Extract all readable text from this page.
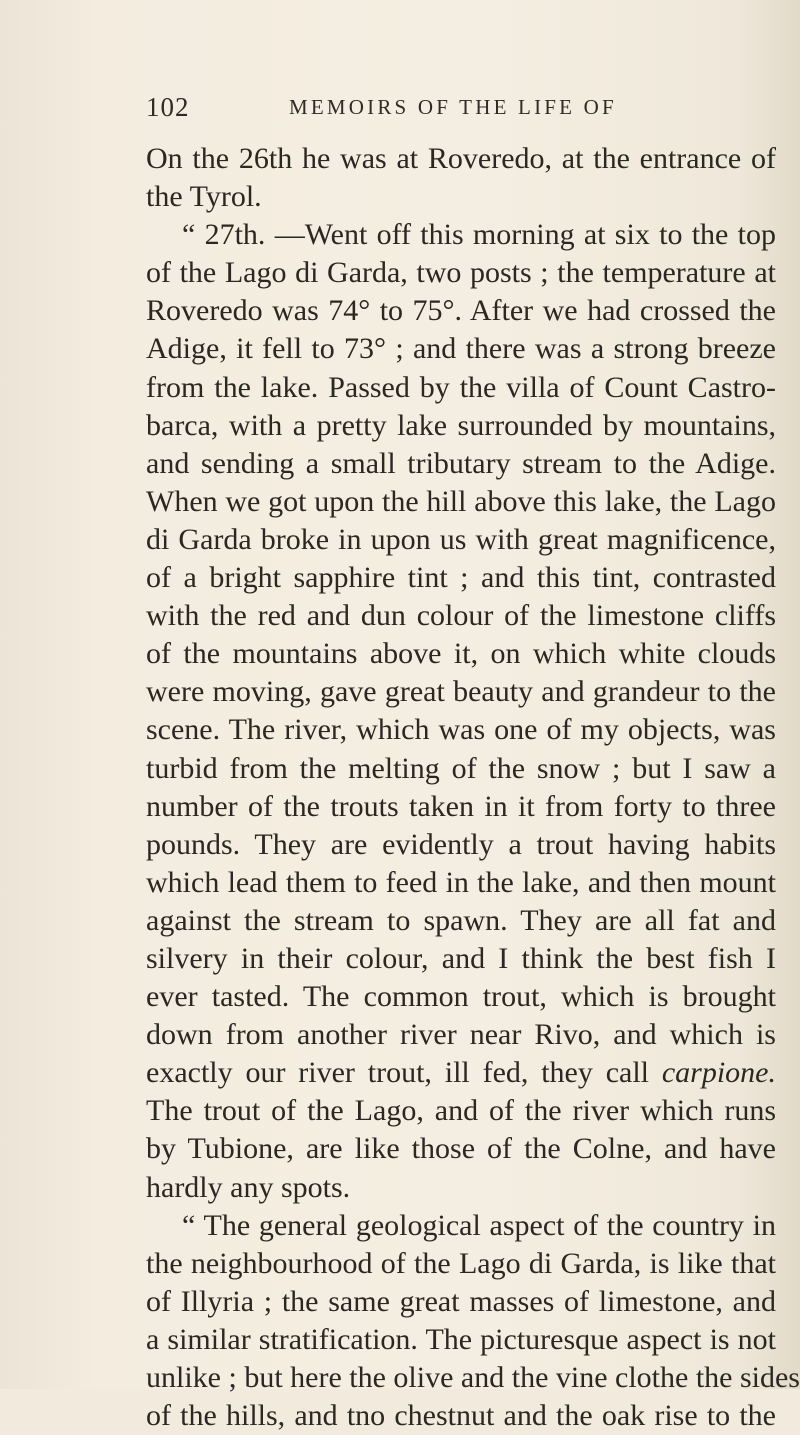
102	MEMOIRS OF THE LIFE OF
On the 26th he was at Roveredo, at the entrance of
the Tyrol.
“ 27th. —Went off this morning at six to the top
of the Lago di Garda, two posts ; the temperature at
Roveredo was 74° to 75°. After we had crossed the
Adige, it fell to 73° ; and there was a strong breeze
from the lake. Passed by the villa of Count Castro-
barca, with a pretty lake surrounded by mountains,
and sending a small tributary stream to the Adige.
When we got upon the hill above this lake, the Lago
di Garda broke in upon us with great magnificence,
of a bright sapphire tint ; and this tint, contrasted
with the red and dun colour of the limestone cliffs
of the mountains above it, on which white clouds
were moving, gave great beauty and grandeur to the
scene. The river, which was one of my objects, was
turbid from the melting of the snow ; but I saw a
number of the trouts taken in it from forty to three
pounds. They are evidently a trout having habits
which lead them to feed in the lake, and then mount
against the stream to spawn. They are all fat and
silvery in their colour, and I think the best fish I
ever tasted. The common trout, which is brought
down from another river near Rivo, and which is
exactly our river trout, ill fed, they call carpione.
The trout of the Lago, and of the river which runs
by Tubione, are like those of the Colne, and have
hardly any spots.
“ The general geological aspect of the country in
the neighbourhood of the Lago di Garda, is like that
of Illyria ; the same great masses of limestone, and
a similar stratification. The picturesque aspect is not
unlike ; but here the olive and the vine clothe the sides
of the hills, and tno chestnut and the oak rise to the
